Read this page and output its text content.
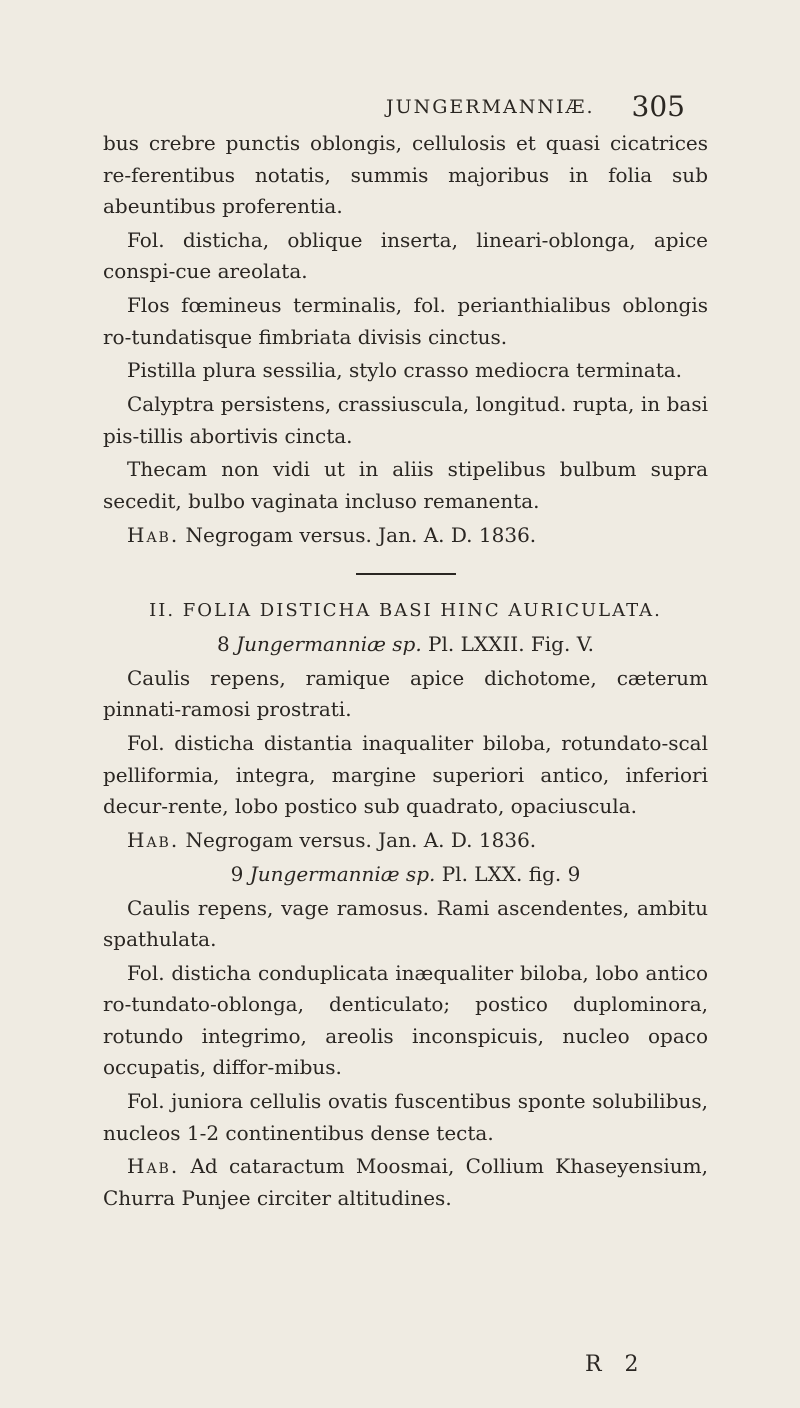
JUNGERMANNIÆ. 305

bus crebre punctis oblongis, cellulosis et quasi cicatrices re-ferentibus notatis, summis majoribus in folia sub abeuntibus proferentia.

Fol. disticha, oblique inserta, lineari-oblonga, apice conspi-cue areolata.

Flos fœmineus terminalis, fol. perianthialibus oblongis ro-tundatisque fimbriata divisis cinctus.

Pistilla plura sessilia, stylo crasso mediocra terminata.

Calyptra persistens, crassiuscula, longitud. rupta, in basi pis-tillis abortivis cincta.

Thecam non vidi ut in aliis stipelibus bulbum supra secedit, bulbo vaginata incluso remanenta.

Hab. Negrogam versus. Jan. A. D. 1836.

II. FOLIA DISTICHA BASI HINC AURICULATA.

8 Jungermanniæ sp. Pl. LXXII. Fig. V.

Caulis repens, ramique apice dichotome, cæterum pinnati-ramosi prostrati.

Fol. disticha distantia inaqualiter biloba, rotundato-scal pelliformia, integra, margine superiori antico, inferiori decur-rente, lobo postico sub quadrato, opaciuscula.

Hab. Negrogam versus. Jan. A. D. 1836.

9 Jungermanniæ sp. Pl. LXX. fig. 9

Caulis repens, vage ramosus. Rami ascendentes, ambitu spathulata.

Fol. disticha conduplicata inæqualiter biloba, lobo antico ro-tundato-oblonga, denticulato; postico duplominora, rotundo integrimo, areolis inconspicuis, nucleo opaco occupatis, diffor-mibus.

Fol. juniora cellulis ovatis fuscentibus sponte solubilibus, nucleos 1-2 continentibus dense tecta.

Hab. Ad cataractum Moosmai, Collium Khaseyensium, Churra Punjee circiter altitudines.

R 2
